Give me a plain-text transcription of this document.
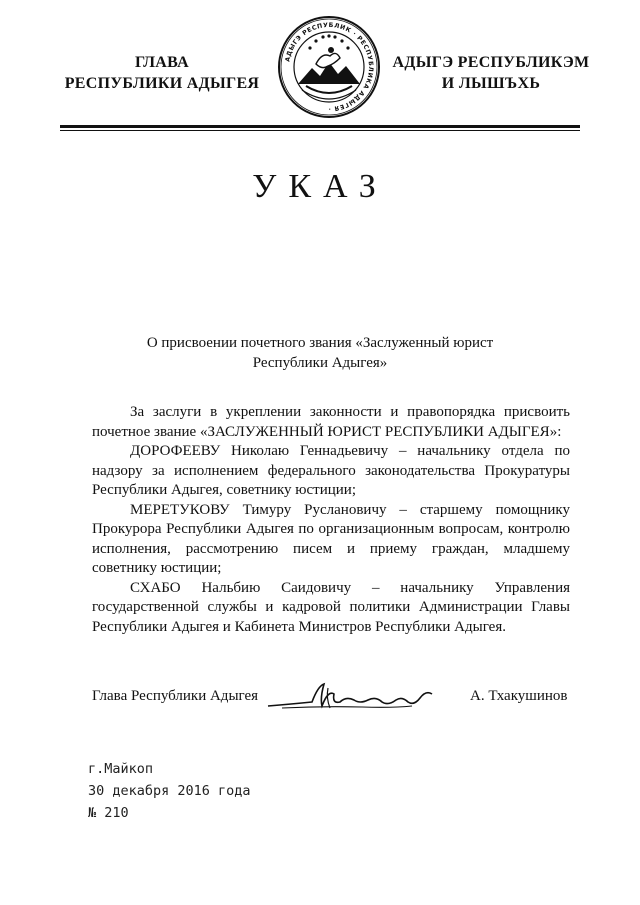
ГЛАВА
РЕСПУБЛИКИ АДЫГЕЯ
АДЫГЭ РЕСПУБЛИК · РЕСПУБЛИКА АДЫГЕЯ ·
АДЫГЭ РЕСПУБЛИКЭМ
И ЛЫШЪХЬ
УКАЗ
О присвоении почетного звания «Заслуженный юрист
Республики Адыгея»

За заслуги в укреплении законности и правопорядка присвоить почетное звание «ЗАСЛУЖЕННЫЙ ЮРИСТ РЕСПУБЛИКИ АДЫГЕЯ»:

ДОРОФЕЕВУ Николаю Геннадьевичу – начальнику отдела по надзору за исполнением федерального законодательства Прокуратуры Республики Адыгея, советнику юстиции;

МЕРЕТУКОВУ Тимуру Руслановичу – старшему помощнику Прокурора Республики Адыгея по организационным вопросам, контролю исполнения, рассмотрению писем и приему граждан, младшему советнику юстиции;

СХАБО Нальбию Саидовичу – начальнику Управления государственной службы и кадровой политики Администрации Главы Республики Адыгея и Кабинета Министров Республики Адыгея.

Глава Республики Адыгея	А. Тхакушинов
г.Майкоп
30 декабря 2016 года
№ 210
